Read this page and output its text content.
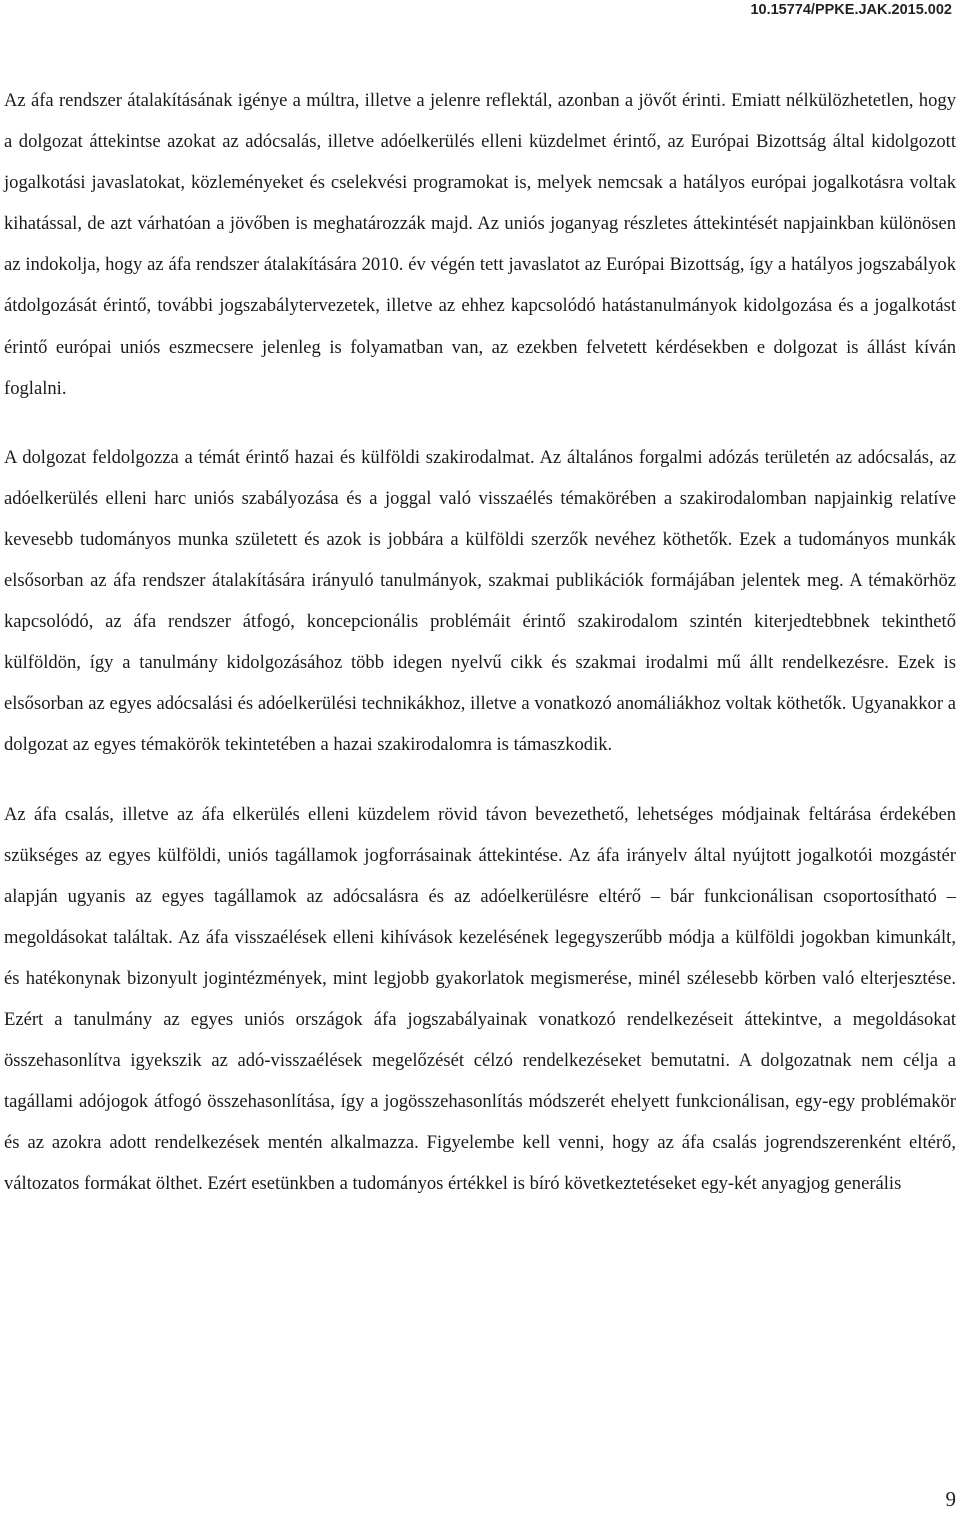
10.15774/PPKE.JAK.2015.002

Az áfa rendszer átalakításának igénye a múltra, illetve a jelenre reflektál, azonban a jövőt érinti. Emiatt nélkülözhetetlen, hogy a dolgozat áttekintse azokat az adócsalás, illetve adóelkerülés elleni küzdelmet érintő, az Európai Bizottság által kidolgozott jogalkotási javaslatokat, közleményeket és cselekvési programokat is, melyek nemcsak a hatályos európai jogalkotásra voltak kihatással, de azt várhatóan a jövőben is meghatározzák majd. Az uniós joganyag részletes áttekintését napjainkban különösen az indokolja, hogy az áfa rendszer átalakítására 2010. év végén tett javaslatot az Európai Bizottság, így a hatályos jogszabályok átdolgozását érintő, további jogszabálytervezetek, illetve az ehhez kapcsolódó hatástanulmányok kidolgozása és a jogalkotást érintő európai uniós eszmecsere jelenleg is folyamatban van, az ezekben felvetett kérdésekben e dolgozat is állást kíván foglalni.

A dolgozat feldolgozza a témát érintő hazai és külföldi szakirodalmat. Az általános forgalmi adózás területén az adócsalás, az adóelkerülés elleni harc uniós szabályozása és a joggal való visszaélés témakörében a szakirodalomban napjainkig relatíve kevesebb tudományos munka született és azok is jobbára a külföldi szerzők nevéhez köthetők. Ezek a tudományos munkák elsősorban az áfa rendszer átalakítására irányuló tanulmányok, szakmai publikációk formájában jelentek meg. A témakörhöz kapcsolódó, az áfa rendszer átfogó, koncepcionális problémáit érintő szakirodalom szintén kiterjedtebbnek tekinthető külföldön, így a tanulmány kidolgozásához több idegen nyelvű cikk és szakmai irodalmi mű állt rendelkezésre. Ezek is elsősorban az egyes adócsalási és adóelkerülési technikákhoz, illetve a vonatkozó anomáliákhoz voltak köthetők. Ugyanakkor a dolgozat az egyes témakörök tekintetében a hazai szakirodalomra is támaszkodik.

Az áfa csalás, illetve az áfa elkerülés elleni küzdelem rövid távon bevezethető, lehetséges módjainak feltárása érdekében szükséges az egyes külföldi, uniós tagállamok jogforrásainak áttekintése. Az áfa irányelv által nyújtott jogalkotói mozgástér alapján ugyanis az egyes tagállamok az adócsalásra és az adóelkerülésre eltérő – bár funkcionálisan csoportosítható – megoldásokat találtak. Az áfa visszaélések elleni kihívások kezelésének legegyszerűbb módja a külföldi jogokban kimunkált, és hatékonynak bizonyult jogintézmények, mint legjobb gyakorlatok megismerése, minél szélesebb körben való elterjesztése. Ezért a tanulmány az egyes uniós országok áfa jogszabályainak vonatkozó rendelkezéseit áttekintve, a megoldásokat összehasonlítva igyekszik az adó-visszaélések megelőzését célzó rendelkezéseket bemutatni. A dolgozatnak nem célja a tagállami adójogok átfogó összehasonlítása, így a jogösszehasonlítás módszerét ehelyett funkcionálisan, egy-egy problémakör és az azokra adott rendelkezések mentén alkalmazza. Figyelembe kell venni, hogy az áfa csalás jogrendszerenként eltérő, változatos formákat ölthet. Ezért esetünkben a tudományos értékkel is bíró következtetéseket egy-két anyagjog generális

9
